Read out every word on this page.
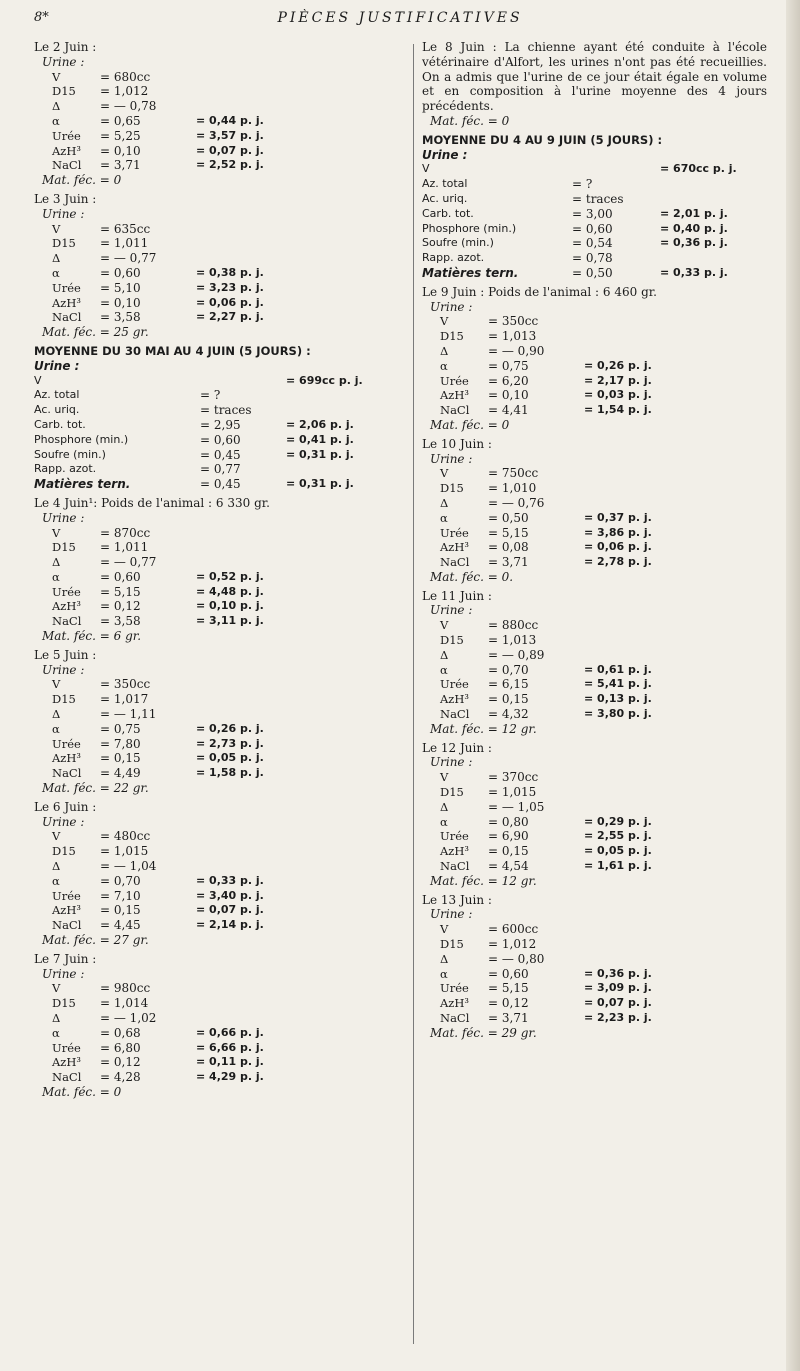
8*	PIÈCES JUSTIFICATIVES
Le 2 Juin :
Urine :
V	= 680cc
D15 = 1,012
Δ	= — 0,78
α	= 0,65	= 0,44 p. j.
Urée = 5,25	= 3,57 p. j.
AzH³ = 0,10	= 0,07 p. j.
NaCl = 3,71	= 2,52 p. j.
Mat. féc. = 0
Le 3 Juin :
Urine :
V	= 635cc
D15 = 1,011
Δ	= — 0,77
α	= 0,60	= 0,38 p. j.
Urée = 5,10	= 3,23 p. j.
AzH³ = 0,10	= 0,06 p. j.
NaCl = 3,58	= 2,27 p. j.
Mat. féc. = 25 gr.
MOYENNE DU 30 MAI AU 4 JUIN (5 JOURS) :
Urine :
V	= 699cc p. j.
Az. total	= ?
Ac. uriq.	= traces
Carb. tot.	= 2,95	= 2,06 p. j.
Phosphore (min.)	= 0,60	= 0,41 p. j.
Soufre (min.)	= 0,45	= 0,31 p. j.
Rapp. azot.	= 0,77
Matières tern.	= 0,45	= 0,31 p. j.
Le 4 Juin¹: Poids de l'animal : 6 330 gr.
Urine :
V	= 870cc
D15 = 1,011
Δ	= — 0,77
α	= 0,60	= 0,52 p. j.
Urée = 5,15	= 4,48 p. j.
AzH³ = 0,12	= 0,10 p. j.
NaCl = 3,58	= 3,11 p. j.
Mat. féc. = 6 gr.
Le 5 Juin :
Urine :
V	= 350cc
D15 = 1,017
Δ	= — 1,11
α	= 0,75	= 0,26 p. j.
Urée = 7,80	= 2,73 p. j.
AzH³ = 0,15	= 0,05 p. j.
NaCl = 4,49	= 1,58 p. j.
Mat. féc. = 22 gr.
Le 6 Juin :
Urine :
V	= 480cc
D15 = 1,015
Δ	= — 1,04
α	= 0,70	= 0,33 p. j.
Urée = 7,10	= 3,40 p. j.
AzH³ = 0,15	= 0,07 p. j.
NaCl = 4,45	= 2,14 p. j.
Mat. féc. = 27 gr.
Le 7 Juin :
Urine :
V	= 980cc
D15 = 1,014
Δ	= — 1,02
α	= 0,68	= 0,66 p. j.
Urée = 6,80	= 6,66 p. j.
AzH³ = 0,12	= 0,11 p. j.
NaCl = 4,28	= 4,29 p. j.
Mat. féc. = 0
Le 8 Juin : La chienne ayant été conduite à l'école vétérinaire d'Alfort, les urines n'ont pas été recueillies. On a admis que l'urine de ce jour était égale en volume et en composition à l'urine moyenne des 4 jours précédents.
Mat. féc. = 0
MOYENNE DU 4 AU 9 JUIN (5 JOURS) :
Urine :
V	= 670cc p. j.
Az. total	= ?
Ac. uriq.	= traces
Carb. tot.	= 3,00	= 2,01 p. j.
Phosphore (min.)	= 0,60	= 0,40 p. j.
Soufre (min.)	= 0,54	= 0,36 p. j.
Rapp. azot.	= 0,78
Matières tern.	= 0,50	= 0,33 p. j.
Le 9 Juin : Poids de l'animal : 6 460 gr.
Urine :
V	= 350cc
D15 = 1,013
Δ	= — 0,90
α	= 0,75	= 0,26 p. j.
Urée = 6,20	= 2,17 p. j.
AzH³ = 0,10	= 0,03 p. j.
NaCl = 4,41	= 1,54 p. j.
Mat. féc. = 0
Le 10 Juin :
Urine :
V	= 750cc
D15 = 1,010
Δ	= — 0,76
α	= 0,50	= 0,37 p. j.
Urée = 5,15	= 3,86 p. j.
AzH³ = 0,08	= 0,06 p. j.
NaCl = 3,71	= 2,78 p. j.
Mat. féc. = 0.
Le 11 Juin :
Urine :
V	= 880cc
D15 = 1,013
Δ	= — 0,89
α	= 0,70	= 0,61 p. j.
Urée = 6,15	= 5,41 p. j.
AzH³ = 0,15	= 0,13 p. j.
NaCl = 4,32	= 3,80 p. j.
Mat. féc. = 12 gr.
Le 12 Juin :
Urine :
V	= 370cc
D15 = 1,015
Δ	= — 1,05
α	= 0,80	= 0,29 p. j.
Urée = 6,90	= 2,55 p. j.
AzH³ = 0,15	= 0,05 p. j.
NaCl = 4,54	= 1,61 p. j.
Mat. féc. = 12 gr.
Le 13 Juin :
Urine :
V	= 600cc
D15 = 1,012
Δ	= — 0,80
α	= 0,60	= 0,36 p. j.
Urée = 5,15	= 3,09 p. j.
AzH³ = 0,12	= 0,07 p. j.
NaCl = 3,71	= 2,23 p. j.
Mat. féc. = 29 gr.
